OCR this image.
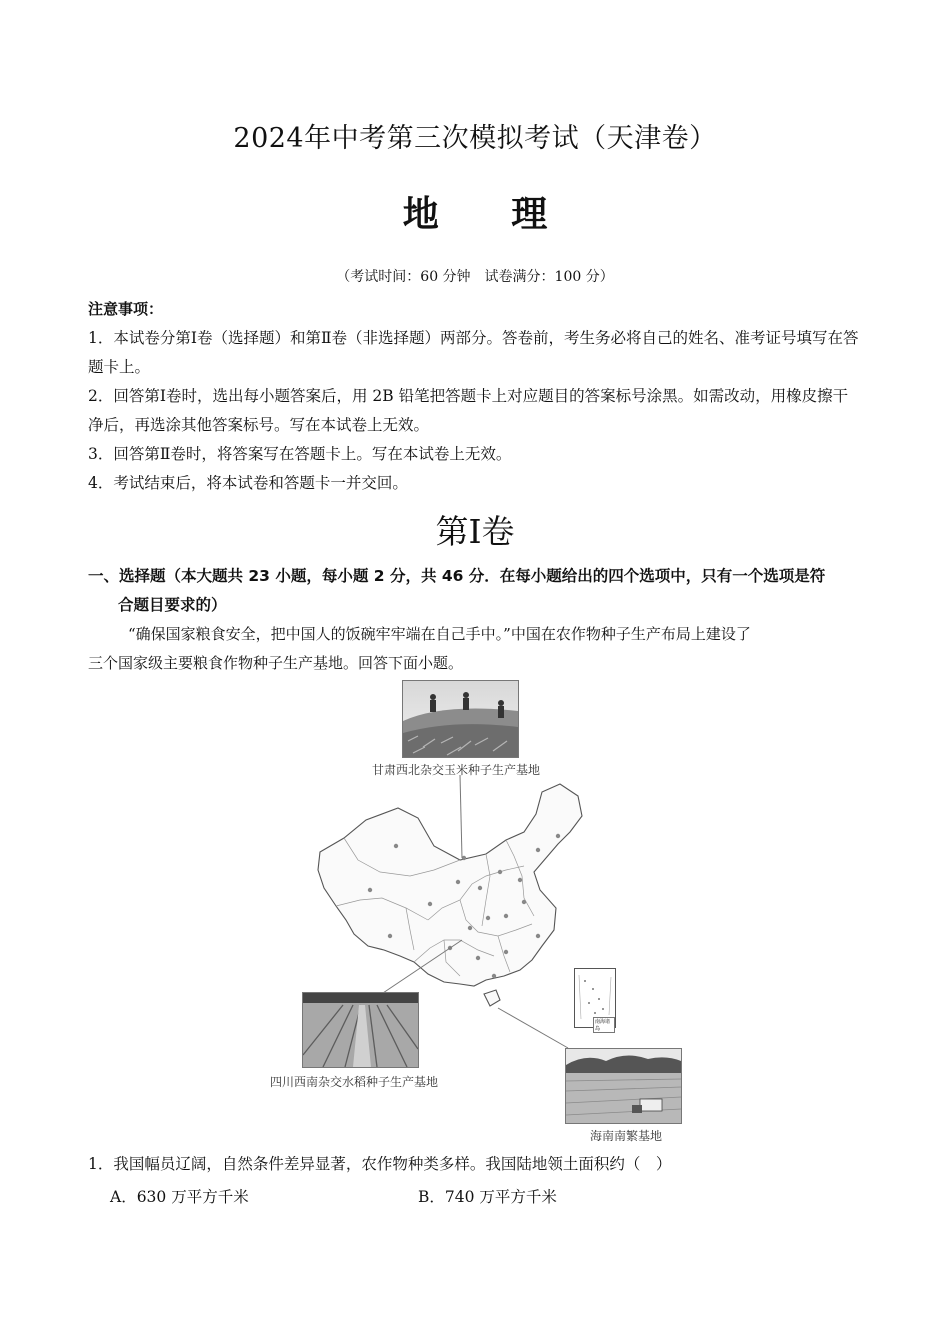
2024年中考第三次模拟考试（天津卷）
地 理
（考试时间：60 分钟　试卷满分：100 分）
注意事项：
1．本试卷分第Ⅰ卷（选择题）和第Ⅱ卷（非选择题）两部分。答卷前，考生务必将自己的姓名、准考证号填写在答题卡上。
2．回答第Ⅰ卷时，选出每小题答案后，用 2B 铅笔把答题卡上对应题目的答案标号涂黑。如需改动，用橡皮擦干净后，再选涂其他答案标号。写在本试卷上无效。
3．回答第Ⅱ卷时，将答案写在答题卡上。写在本试卷上无效。
4．考试结束后，将本试卷和答题卡一并交回。
第Ⅰ卷
一、选择题（本大题共 23 小题，每小题 2 分，共 46 分．在每小题给出的四个选项中，只有一个选项是符
合题目要求的）
“确保国家粮食安全，把中国人的饭碗牢牢端在自己手中。”中国在农作物种子生产布局上建设了
三个国家级主要粮食作物种子生产基地。回答下面小题。
甘肃西北杂交玉米种子生产基地
南海诸岛
四川西南杂交水稻种子生产基地
海南南繁基地
1．我国幅员辽阔，自然条件差异显著，农作物种类多样。我国陆地领土面积约（　）
A．630 万平方千米	B．740 万平方千米
